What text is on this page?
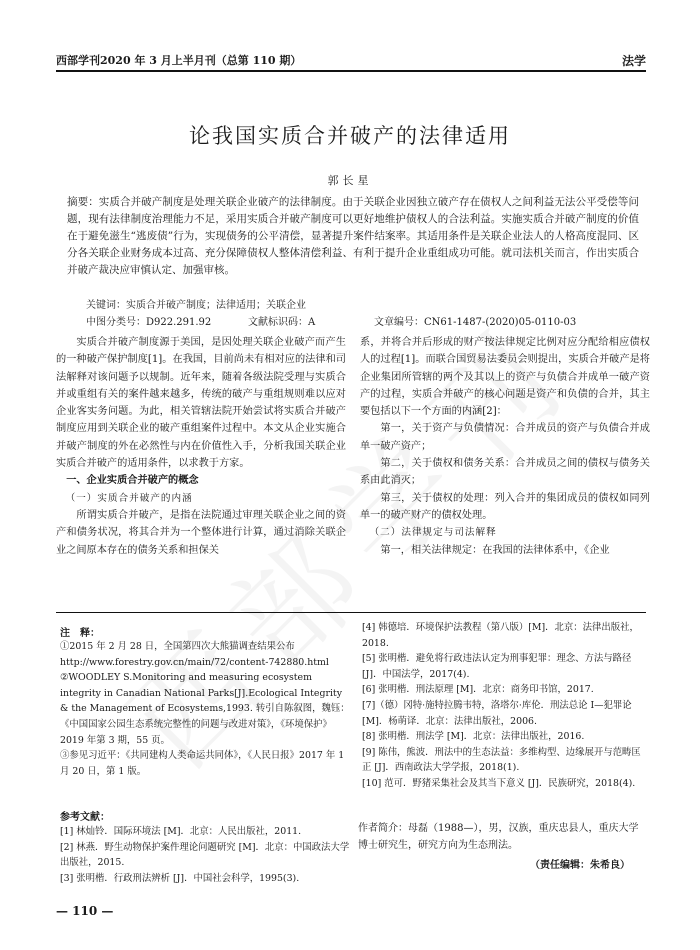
西部学刊2020 年 3 月上半月刊（总第 110 期）	法学
论我国实质合并破产的法律适用
郭长星
摘要：实质合并破产制度是处理关联企业破产的法律制度。由于关联企业因独立破产存在债权人之间利益无法公平受偿等问题，现有法律制度治理能力不足，采用实质合并破产制度可以更好地维护债权人的合法利益。实施实质合并破产制度的价值在于避免滋生“逃废债”行为，实现债务的公平清偿，显著提升案件结案率。其适用条件是关联企业法人的人格高度混同、区分各关联企业财务成本过高、充分保障债权人整体清偿利益、有利于提升企业重组成功可能。就司法机关而言，作出实质合并破产裁决应审慎认定、加强审核。
关键词：实质合并破产制度；法律适用；关联企业
中图分类号：D922.291.92	文献标识码：A	文章编号：CN61-1487-(2020)05-0110-03

实质合并破产制度源于美国，是因处理关联企业破产而产生的一种破产保护制度[1]。在我国，目前尚未有相对应的法律和司法解释对该问题予以规制。近年来，随着各级法院受理与实质合并或重组有关的案件越来越多，传统的破产与重组规则难以应对企业客实务问题。为此，相关管辖法院开始尝试将实质合并破产制度应用到关联企业的破产重组案件过程中。本文从企业实施合并破产制度的外在必然性与内在价值性入手，分析我国关联企业实质合并破产的适用条件，以求教于方家。

一、企业实质合并破产的概念

（一）实质合并破产的内涵

所谓实质合并破产，是指在法院通过审理关联企业之间的资产和债务状况，将其合并为一个整体进行计算，通过消除关联企业之间原本存在的债务关系和担保关

系，并将合并后形成的财产按法律规定比例对应分配给相应债权人的过程[1]。而联合国贸易法委员会则提出，实质合并破产是将企业集团所管辖的两个及其以上的资产与负债合并成单一破产资产的过程，实质合并破产的核心问题是资产和负债的合并，其主要包括以下一个方面的内涵[2]：

第一，关于资产与负债情况：合并成员的资产与负债合并成单一破产资产；

第二，关于债权和债务关系：合并成员之间的债权与债务关系由此消灭；

第三，关于债权的处理：列入合并的集团成员的债权如同列单一的破产财产的债权处理。

（二）法律规定与司法解释

第一，相关法律规定：在我国的法律体系中，《企业

注　释：

①2015 年 2 月 28 日，全国第四次大熊猫调查结果公布 http://www.forestry.gov.cn/main/72/content-742880.html

②WOODLEY S.Monitoring and measuring ecosystem integrity in Canadian National Parks[J].Ecological Integrity & the Management of Ecosystems,1993. 转引自陈叙图，魏钰：《中国国家公园生态系统完整性的问题与改进对策》，《环境保护》2019 年第 3 期，55 页。

③参见习近平：《共同建构人类命运共同体》，《人民日报》2017 年 1 月 20 日，第 1 版。

参考文献：

[1] 林灿铃．国际环境法 [M]．北京：人民出版社，2011.

[2] 林燕．野生动物保护案件理论问题研究 [M]．北京：中国政法大学出版社，2015.

[3] 张明楷．行政刑法辨析 [J]．中国社会科学，1995(3).

[4] 韩德培．环境保护法教程（第八版）[M]．北京：法律出版社，2018.

[5] 张明楷．避免将行政违法认定为刑事犯罪：理念、方法与路径 [J]．中国法学，2017(4).

[6] 张明楷．刑法原理 [M]．北京：商务印书馆，2017.

[7]（德）冈特·施特拉腾韦特，洛塔尔·库伦．刑法总论 I—犯罪论 [M]．杨萌译．北京：法律出版社，2006.

[8] 张明楷．刑法学 [M]．北京：法律出版社，2016.

[9] 陈伟，熊波．刑法中的生态法益：多维构型、边缘展开与范畴匡正 [J]．西南政法大学学报，2018(1).

[10] 范可．野猪采集社会及其当下意义 [J]．民族研究，2018(4).

作者简介：母磊（1988—），男，汉族，重庆忠县人，重庆大学博士研究生，研究方向为生态刑法。
（责任编辑：朱希良）
— 110 —
